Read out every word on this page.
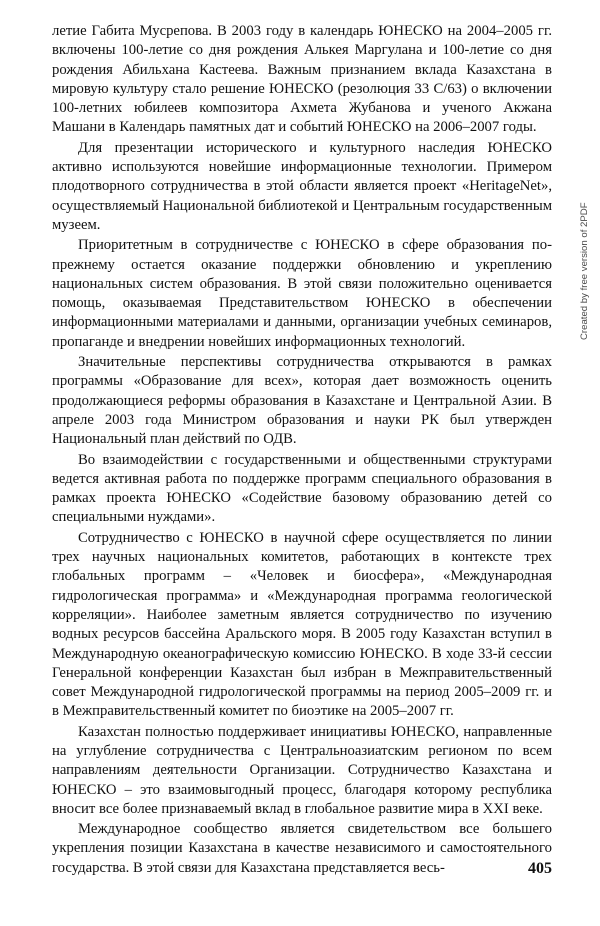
летие Габита Мусрепова. В 2003 году в календарь ЮНЕСКО на 2004–2005 гг. включены 100-летие со дня рождения Алькея Маргулана и 100-летие со дня рождения Абильхана Кастеева. Важным признанием вклада Казахстана в мировую культуру стало решение ЮНЕСКО (резолюция 33 С/63) о включении 100-летних юбилеев композитора Ахмета Жубанова и ученого Акжана Машани в Календарь памятных дат и событий ЮНЕСКО на 2006–2007 годы.

Для презентации исторического и культурного наследия ЮНЕСКО активно используются новейшие информационные технологии. Примером плодотворного сотрудничества в этой области является проект «HeritageNet», осуществляемый Национальной библиотекой и Центральным государственным музеем.

Приоритетным в сотрудничестве с ЮНЕСКО в сфере образования по-прежнему остается оказание поддержки обновлению и укреплению национальных систем образования. В этой связи положительно оценивается помощь, оказываемая Представительством ЮНЕСКО в обеспечении информационными материалами и данными, организации учебных семинаров, пропаганде и внедрении новейших информационных технологий.

Значительные перспективы сотрудничества открываются в рамках программы «Образование для всех», которая дает возможность оценить продолжающиеся реформы образования в Казахстане и Центральной Азии. В апреле 2003 года Министром образования и науки РК был утвержден Национальный план действий по ОДВ.

Во взаимодействии с государственными и общественными структурами ведется активная работа по поддержке программ специального образования в рамках проекта ЮНЕСКО «Содействие базовому образованию детей со специальными нуждами».

Сотрудничество с ЮНЕСКО в научной сфере осуществляется по линии трех научных национальных комитетов, работающих в контексте трех глобальных программ – «Человек и биосфера», «Международная гидрологическая программа» и «Международная программа геологической корреляции». Наиболее заметным является сотрудничество по изучению водных ресурсов бассейна Аральского моря. В 2005 году Казахстан вступил в Международную океанографическую комиссию ЮНЕСКО. В ходе 33-й сессии Генеральной конференции Казахстан был избран в Межправительственный совет Международной гидрологической программы на период 2005–2009 гг. и в Межправительственный комитет по биоэтике на 2005–2007 гг.

Казахстан полностью поддерживает инициативы ЮНЕСКО, направленные на углубление сотрудничества с Центральноазиатским регионом по всем направлениям деятельности Организации. Сотрудничество Казахстана и ЮНЕСКО – это взаимовыгодный процесс, благодаря которому республика вносит все более признаваемый вклад в глобальное развитие мира в XXI веке.

Международное сообщество является свидетельством все большего укрепления позиции Казахстана в качестве независимого и самостоятельного государства. В этой связи для Казахстана представляется весь-	405
Created by free version of 2PDF
